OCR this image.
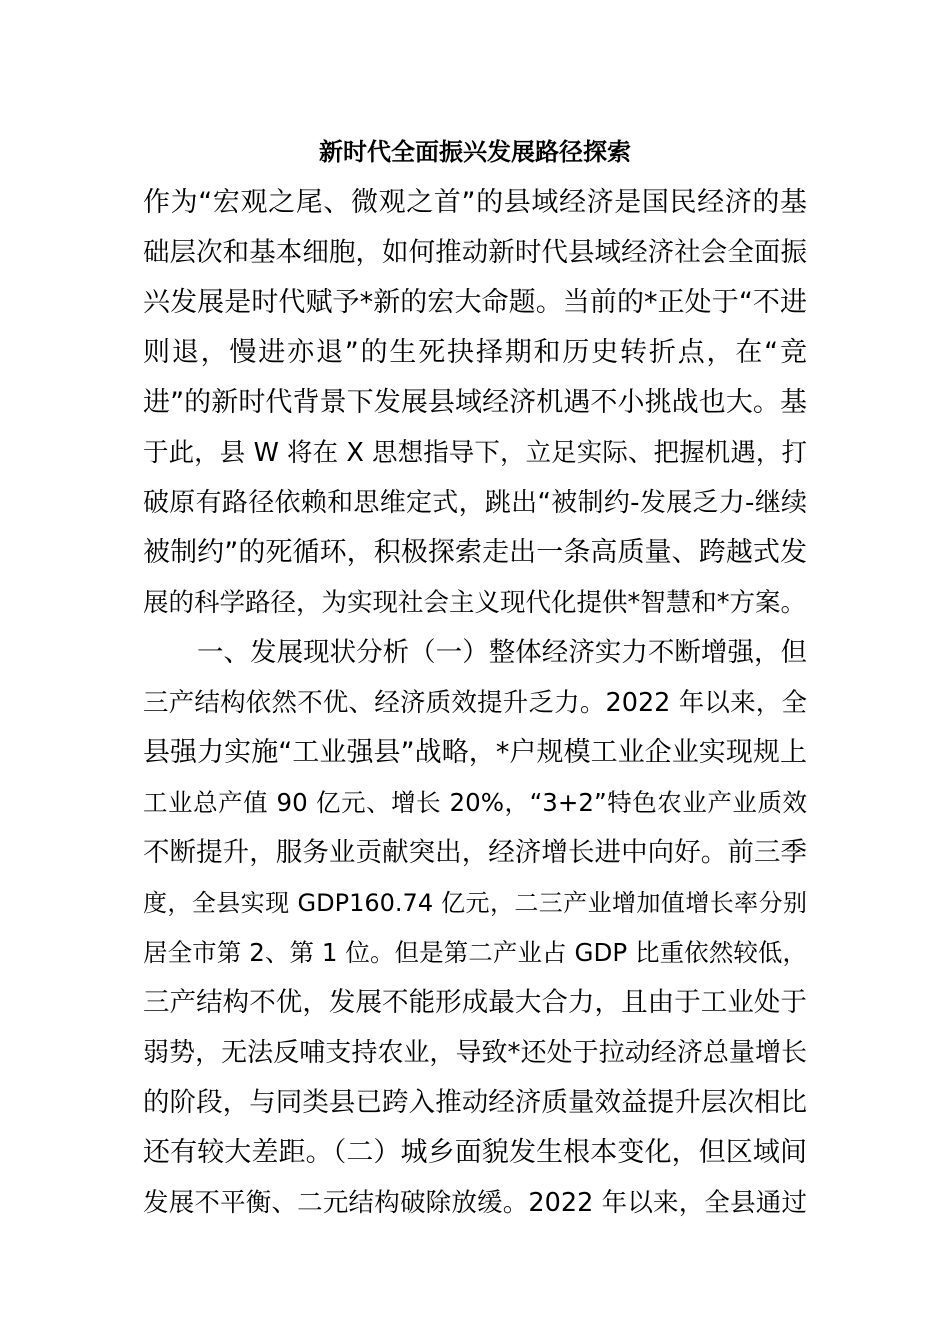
新时代全面振兴发展路径探索

作为“宏观之尾、微观之首”的县域经济是国民经济的基

础层次和基本细胞，如何推动新时代县域经济社会全面振

兴发展是时代赋予*新的宏大命题。当前的*正处于“不进

则退，慢进亦退”的生死抉择期和历史转折点，在“竞

进”的新时代背景下发展县域经济机遇不小挑战也大。基

于此，县 W 将在 X 思想指导下，立足实际、把握机遇，打

破原有路径依赖和思维定式，跳出“被制约-发展乏力-继续

被制约”的死循环，积极探索走出一条高质量、跨越式发

展的科学路径，为实现社会主义现代化提供*智慧和*方案。

一、发展现状分析（一）整体经济实力不断增强，但

三产结构依然不优、经济质效提升乏力。2022 年以来，全

县强力实施“工业强县”战略，*户规模工业企业实现规上

工业总产值 90 亿元、增长 20%，“3+2”特色农业产业质效

不断提升，服务业贡献突出，经济增长进中向好。前三季

度，全县实现 GDP160.74 亿元，二三产业增加值增长率分别

居全市第 2、第 1 位。但是第二产业占 GDP 比重依然较低，

三产结构不优，发展不能形成最大合力，且由于工业处于

弱势，无法反哺支持农业，导致*还处于拉动经济总量增长

的阶段，与同类县已跨入推动经济质量效益提升层次相比

还有较大差距。（二）城乡面貌发生根本变化，但区域间

发展不平衡、二元结构破除放缓。2022 年以来，全县通过
